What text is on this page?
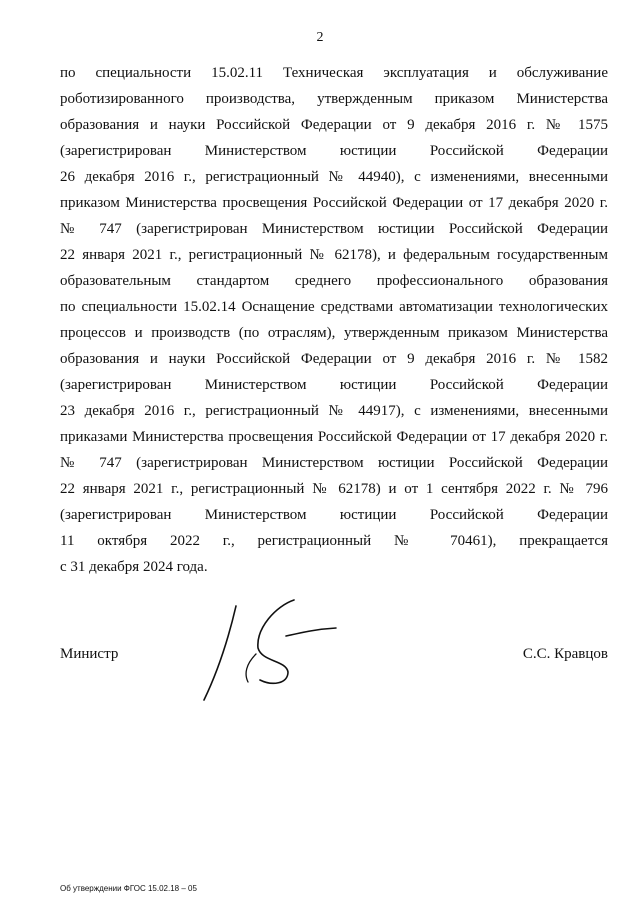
2
по специальности 15.02.11 Техническая эксплуатация и обслуживание
роботизированного производства, утвержденным приказом Министерства
образования и науки Российской Федерации от 9 декабря 2016 г. № 1575
(зарегистрирован Министерством юстиции Российской Федерации
26 декабря 2016 г., регистрационный № 44940), с изменениями, внесенными
приказом Министерства просвещения Российской Федерации от 17 декабря 2020 г.
№ 747 (зарегистрирован Министерством юстиции Российской Федерации
22 января 2021 г., регистрационный № 62178), и федеральным государственным
образовательным стандартом среднего профессионального образования
по специальности 15.02.14 Оснащение средствами автоматизации технологических
процессов и производств (по отраслям), утвержденным приказом Министерства
образования и науки Российской Федерации от 9 декабря 2016 г. № 1582
(зарегистрирован Министерством юстиции Российской Федерации
23 декабря 2016 г., регистрационный № 44917), с изменениями, внесенными
приказами Министерства просвещения Российской Федерации от 17 декабря 2020 г.
№ 747 (зарегистрирован Министерством юстиции Российской Федерации
22 января 2021 г., регистрационный № 62178) и от 1 сентября 2022 г. № 796
(зарегистрирован Министерством юстиции Российской Федерации
11 октября 2022 г., регистрационный № 70461), прекращается
с 31 декабря 2024 года.
Министр	С.С. Кравцов
Об утверждении ФГОС 15.02.18 – 05
